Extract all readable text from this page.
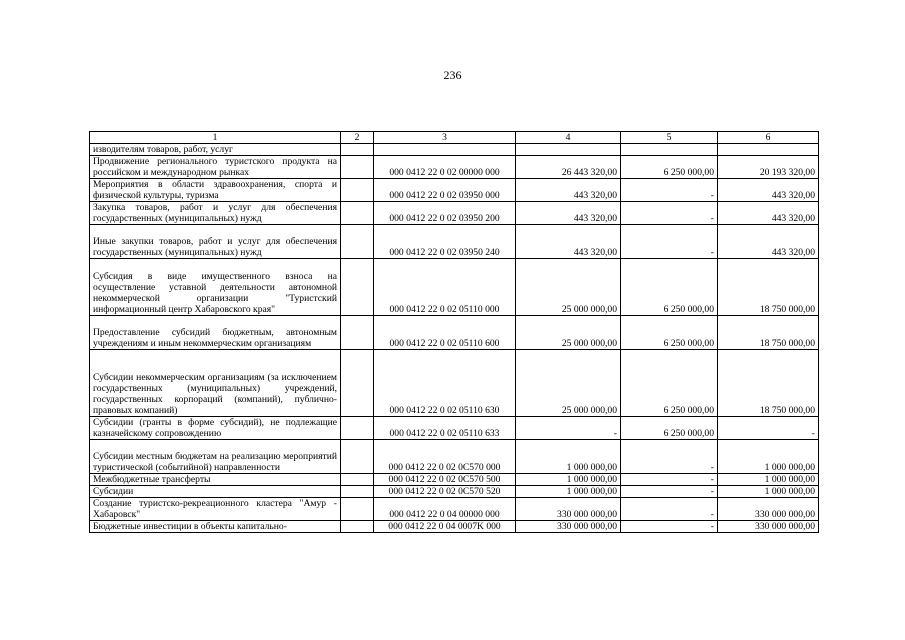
236
1	2	3	4	5	6
изводителям товаров, работ, услуг					
Продвижение регионального туристского продукта на российском и международном рынках		000 0412 22 0 02 00000 000	26 443 320,00	6 250 000,00	20 193 320,00
Мероприятия в области здравоохранения, спорта и физической культуры, туризма		000 0412 22 0 02 03950 000	443 320,00	-	443 320,00
Закупка товаров, работ и услуг для обеспечения государственных (муниципальных) нужд		000 0412 22 0 02 03950 200	443 320,00	-	443 320,00
Иные закупки товаров, работ и услуг для обеспечения государственных (муниципальных) нужд		000 0412 22 0 02 03950 240	443 320,00	-	443 320,00
Субсидия в виде имущественного взноса на осуществление уставной деятельности автономной некоммерческой организации "Туристский информационный центр Хабаровского края"		000 0412 22 0 02 05110 000	25 000 000,00	6 250 000,00	18 750 000,00
Предоставление субсидий бюджетным, автономным учреждениям и иным некоммерческим организациям		000 0412 22 0 02 05110 600	25 000 000,00	6 250 000,00	18 750 000,00
Субсидии некоммерческим организациям (за исключением государственных (муниципальных) учреждений, государственных корпораций (компаний), публично-правовых компаний)		000 0412 22 0 02 05110 630	25 000 000,00	6 250 000,00	18 750 000,00
Субсидии (гранты в форме субсидий), не подлежащие казначейскому сопровождению		000 0412 22 0 02 05110 633	-	6 250 000,00	-
Субсидии местным бюджетам на реализацию мероприятий туристической (событийной) направленности		000 0412 22 0 02 0C570 000	1 000 000,00	-	1 000 000,00
Межбюджетные трансферты		000 0412 22 0 02 0C570 500	1 000 000,00	-	1 000 000,00
Субсидии		000 0412 22 0 02 0C570 520	1 000 000,00	-	1 000 000,00
Создание туристско-рекреационного кластера "Амур - Хабаровск"		000 0412 22 0 04 00000 000	330 000 000,00	-	330 000 000,00
Бюджетные инвестиции в объекты капитально-		000 0412 22 0 04 0007K 000	330 000 000,00	-	330 000 000,00
